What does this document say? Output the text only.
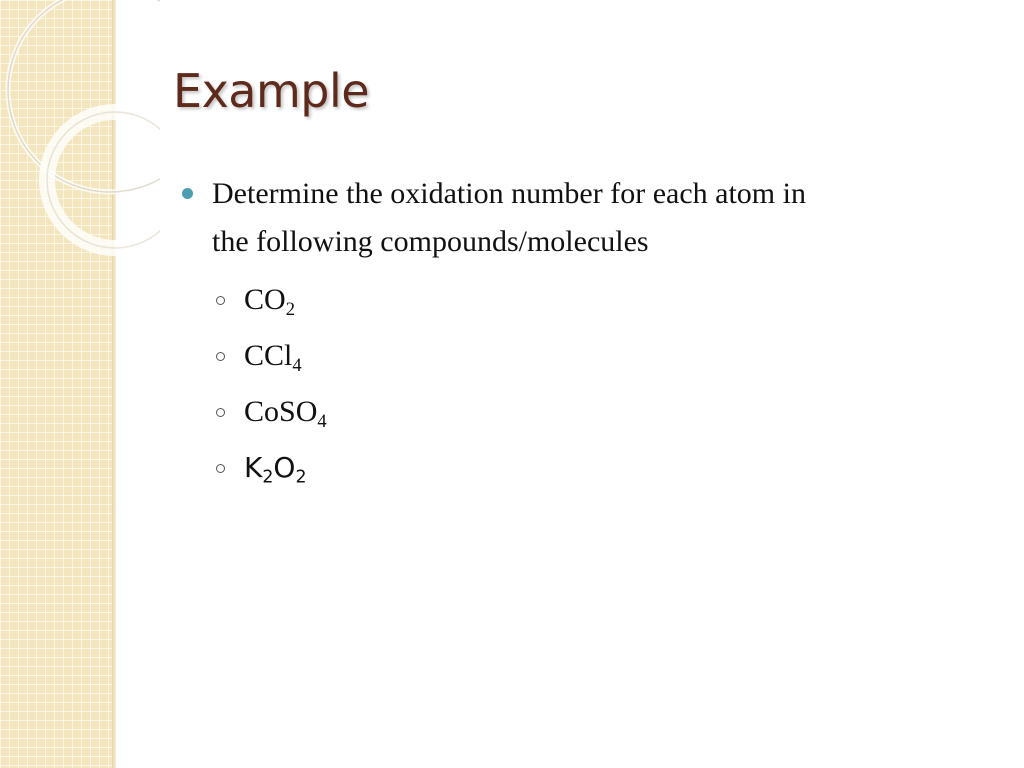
Example
Determine the oxidation number for each atom in
the following compounds/molecules
$CO_2$
CCl$_4$
CoSO$_4$
$K_2O_2$
